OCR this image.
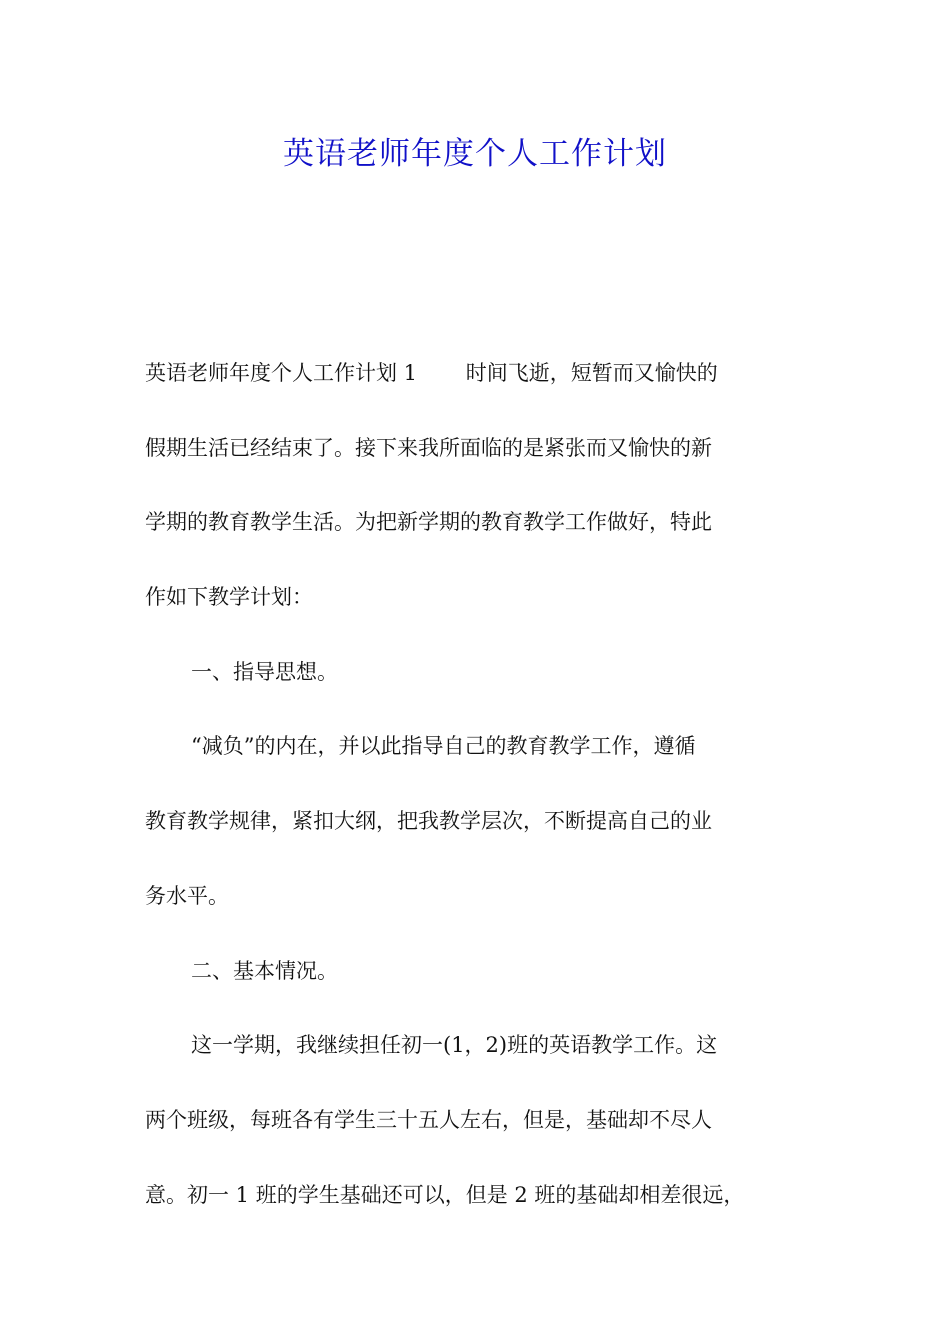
英语老师年度个人工作计划
英语老师年度个人工作计划 1　　 时间飞逝，短暂而又愉快的
假期生活已经结束了。接下来我所面临的是紧张而又愉快的新
学期的教育教学生活。为把新学期的教育教学工作做好，特此
作如下教学计划：
一、指导思想。
“减负”的内在，并以此指导自己的教育教学工作，遵循
教育教学规律，紧扣大纲，把我教学层次，不断提高自己的业
务水平。
二、基本情况。
这一学期，我继续担任初一(1，2)班的英语教学工作。这
两个班级，每班各有学生三十五人左右，但是，基础却不尽人
意。初一 1 班的学生基础还可以，但是 2 班的基础却相差很远，
